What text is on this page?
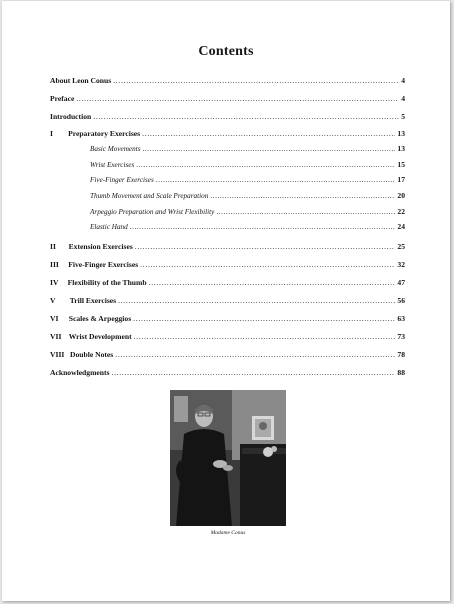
Contents
About Leon Conus . . .	4
Preface . . .	4
Introduction . . .	5
I	Preparatory Exercises . . .	13
Basic Movements . . .	13
Wrist Exercises . . .	15
Five-Finger Exercises . . .	17
Thumb Movement and Scale Preparation . . .	20
Arpeggio Preparation and Wrist Flexibility . . .	22
Elastic Hand . . .	24
II	Extension Exercises . . .	25
III	Five-Finger Exercises . . .	32
IV	Flexibility of the Thumb . . .	47
V	Trill Exercises . . .	56
VI	Scales & Arpeggios . . .	63
VII Wrist Development . . .	73
VIII Double Notes . . .	78
Acknowledgments . . .	88
Madame Conus
